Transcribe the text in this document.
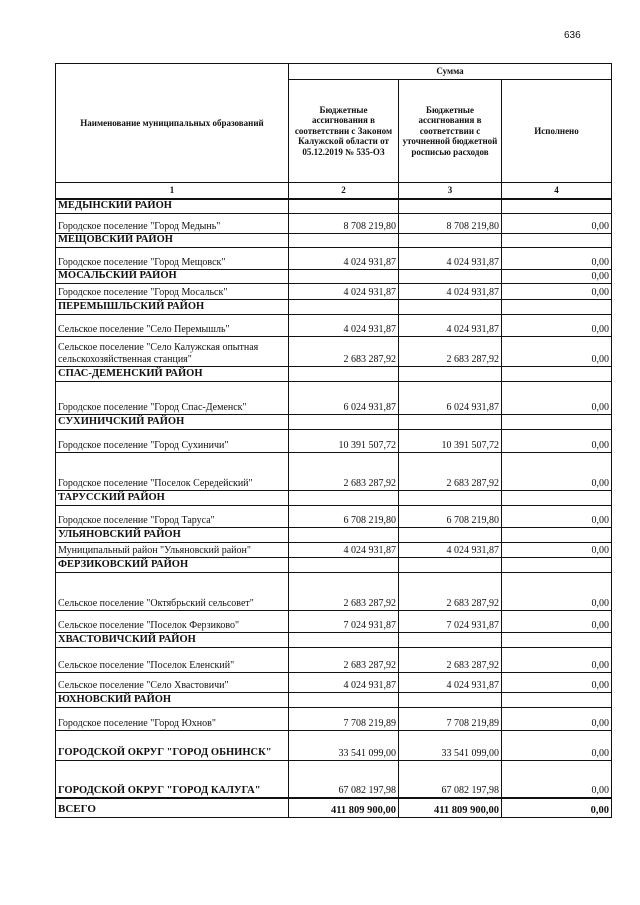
636
Наименование муниципальных образований	Сумма		
	Бюджетные ассигнования в соответствии с Законом Калужской области от 05.12.2019 № 535-ОЗ	Бюджетные ассигнования в соответствии с уточненной бюджетной росписью расходов	Исполнено
1	2	3	4
МЕДЫНСКИЙ РАЙОН			
Городское поселение "Город Медынь"	8 708 219,80	8 708 219,80	0,00
МЕЩОВСКИЙ РАЙОН			
Городское поселение "Город Мещовск"	4 024 931,87	4 024 931,87	0,00
МОСАЛЬСКИЙ РАЙОН			0,00
Городское поселение "Город Мосальск"	4 024 931,87	4 024 931,87	0,00
ПЕРЕМЫШЛЬСКИЙ РАЙОН			
Сельское поселение "Село Перемышль"	4 024 931,87	4 024 931,87	0,00
Сельское поселение "Село Калужская опытная сельскохозяйственная станция"	2 683 287,92	2 683 287,92	0,00
СПАС-ДЕМЕНСКИЙ РАЙОН			
Городское поселение "Город Спас-Деменск"	6 024 931,87	6 024 931,87	0,00
СУХИНИЧСКИЙ РАЙОН			
Городское поселение "Город Сухиничи"	10 391 507,72	10 391 507,72	0,00
Городское поселение "Поселок Середейский"	2 683 287,92	2 683 287,92	0,00
ТАРУССКИЙ РАЙОН			
Городское поселение "Город Таруса"	6 708 219,80	6 708 219,80	0,00
УЛЬЯНОВСКИЙ РАЙОН			
Муниципальный район "Ульяновский район"	4 024 931,87	4 024 931,87	0,00
ФЕРЗИКОВСКИЙ РАЙОН			
Сельское поселение "Октябрьский сельсовет"	2 683 287,92	2 683 287,92	0,00
Сельское поселение "Поселок Ферзиково"	7 024 931,87	7 024 931,87	0,00
ХВАСТОВИЧСКИЙ РАЙОН			
Сельское поселение "Поселок Еленский"	2 683 287,92	2 683 287,92	0,00
Сельское поселение "Село Хвастовичи"	4 024 931,87	4 024 931,87	0,00
ЮХНОВСКИЙ РАЙОН			
Городское поселение "Город Юхнов"	7 708 219,89	7 708 219,89	0,00
ГОРОДСКОЙ ОКРУГ "ГОРОД ОБНИНСК"	33 541 099,00	33 541 099,00	0,00
ГОРОДСКОЙ ОКРУГ "ГОРОД КАЛУГА"	67 082 197,98	67 082 197,98	0,00
ВСЕГО	411 809 900,00	411 809 900,00	0,00
